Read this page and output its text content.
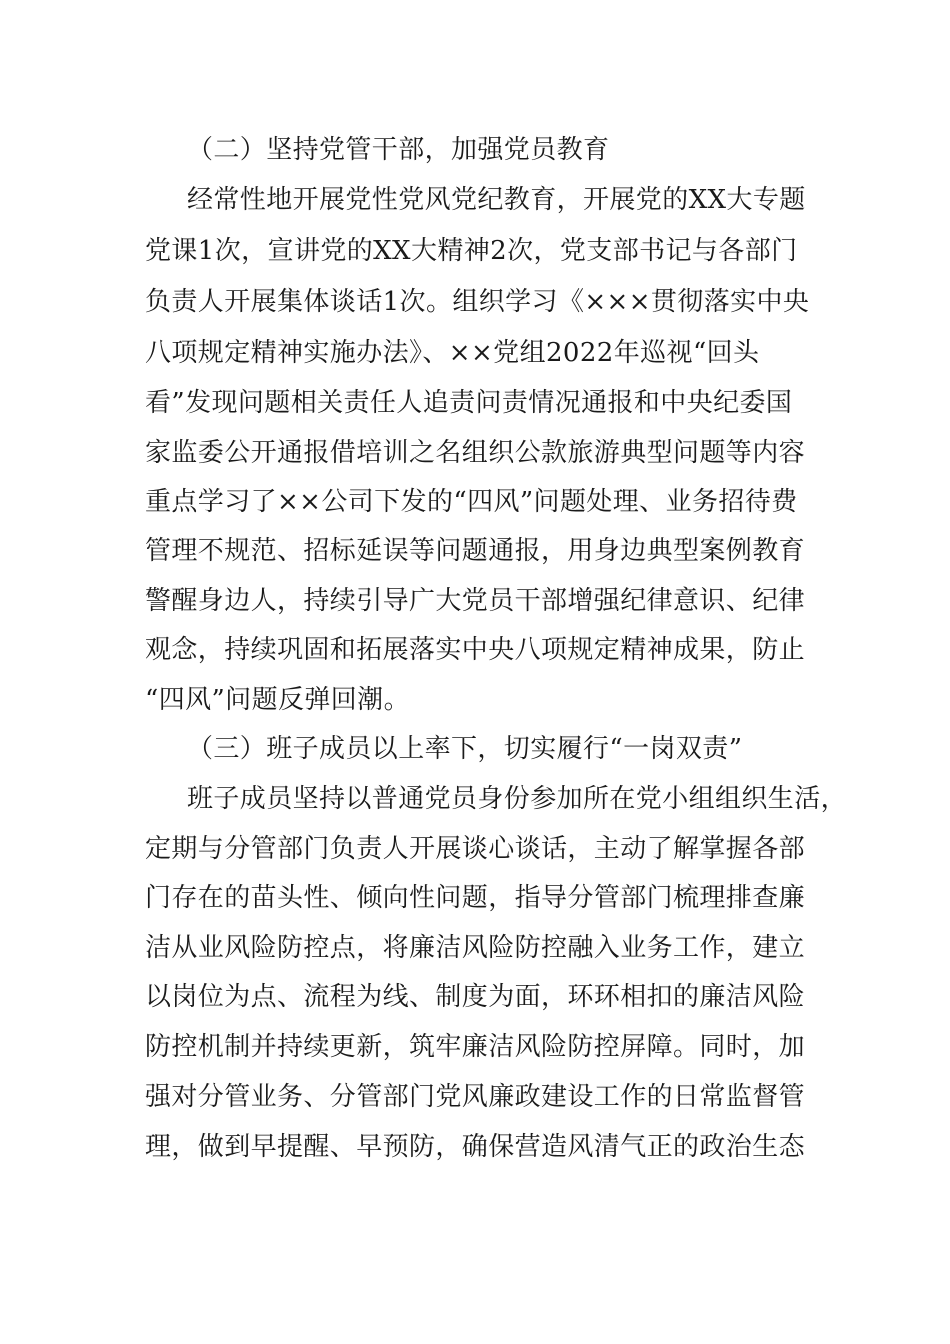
（二）坚持党管干部，加强党员教育
经常性地开展党性党风党纪教育，开展党的XX大专题
党课1次，宣讲党的XX大精神2次，党支部书记与各部门
负责人开展集体谈话1次。组织学习《×××贯彻落实中央
八项规定精神实施办法》、××党组2022年巡视“回头
看”发现问题相关责任人追责问责情况通报和中央纪委国
家监委公开通报借培训之名组织公款旅游典型问题等内容
重点学习了××公司下发的“四风”问题处理、业务招待费
管理不规范、招标延误等问题通报，用身边典型案例教育
警醒身边人，持续引导广大党员干部增强纪律意识、纪律
观念，持续巩固和拓展落实中央八项规定精神成果，防止
“四风”问题反弹回潮。
（三）班子成员以上率下，切实履行“一岗双责”
班子成员坚持以普通党员身份参加所在党小组组织生活，
定期与分管部门负责人开展谈心谈话，主动了解掌握各部
门存在的苗头性、倾向性问题，指导分管部门梳理排查廉
洁从业风险防控点，将廉洁风险防控融入业务工作，建立
以岗位为点、流程为线、制度为面，环环相扣的廉洁风险
防控机制并持续更新，筑牢廉洁风险防控屏障。同时，加
强对分管业务、分管部门党风廉政建设工作的日常监督管
理，做到早提醒、早预防，确保营造风清气正的政治生态
